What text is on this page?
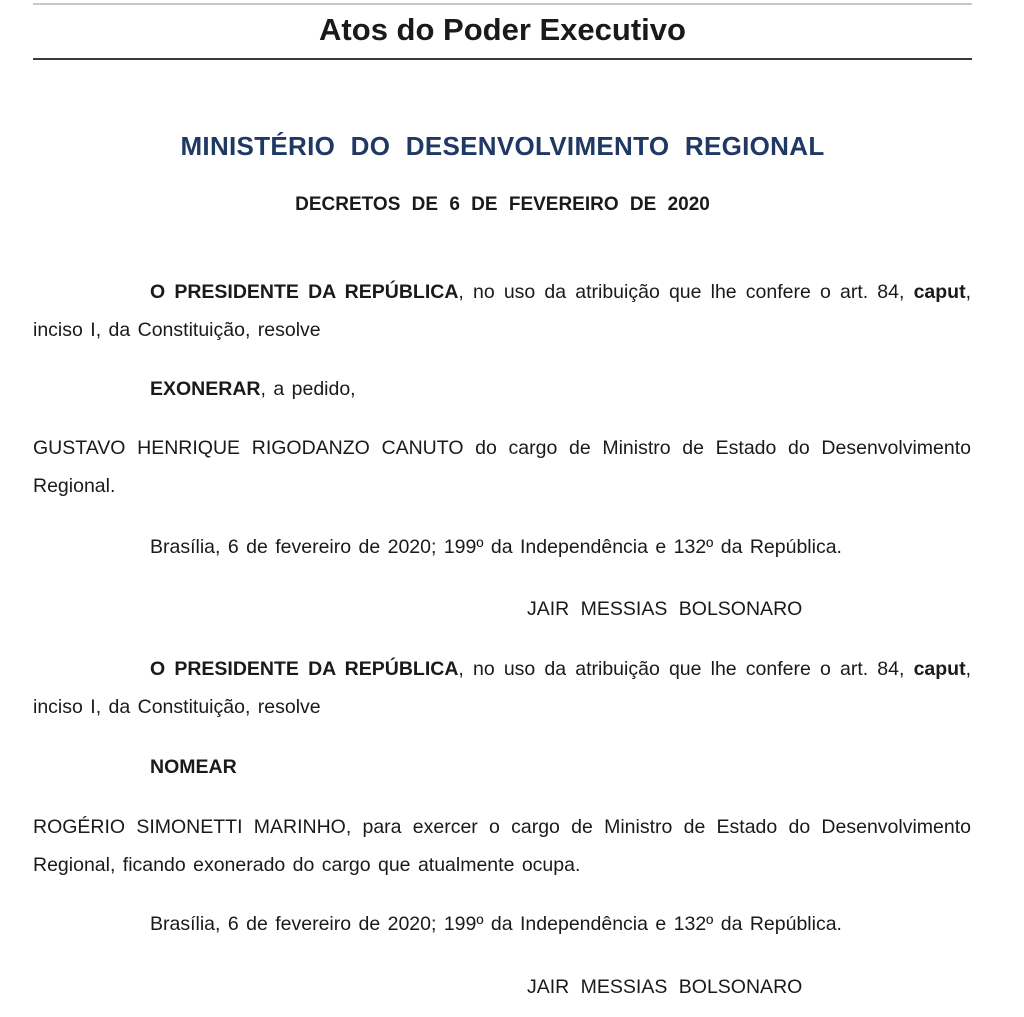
Atos do Poder Executivo
MINISTÉRIO DO DESENVOLVIMENTO REGIONAL
DECRETOS DE 6 DE FEVEREIRO DE 2020
O PRESIDENTE DA REPÚBLICA, no uso da atribuição que lhe confere o art. 84, caput, inciso I, da Constituição, resolve
EXONERAR, a pedido,
GUSTAVO HENRIQUE RIGODANZO CANUTO do cargo de Ministro de Estado do Desenvolvimento Regional.
Brasília, 6 de fevereiro de 2020; 199º da Independência e 132º da República.
JAIR MESSIAS BOLSONARO
O PRESIDENTE DA REPÚBLICA, no uso da atribuição que lhe confere o art. 84, caput, inciso I, da Constituição, resolve
NOMEAR
ROGÉRIO SIMONETTI MARINHO, para exercer o cargo de Ministro de Estado do Desenvolvimento Regional, ficando exonerado do cargo que atualmente ocupa.
Brasília, 6 de fevereiro de 2020; 199º da Independência e 132º da República.
JAIR MESSIAS BOLSONARO
